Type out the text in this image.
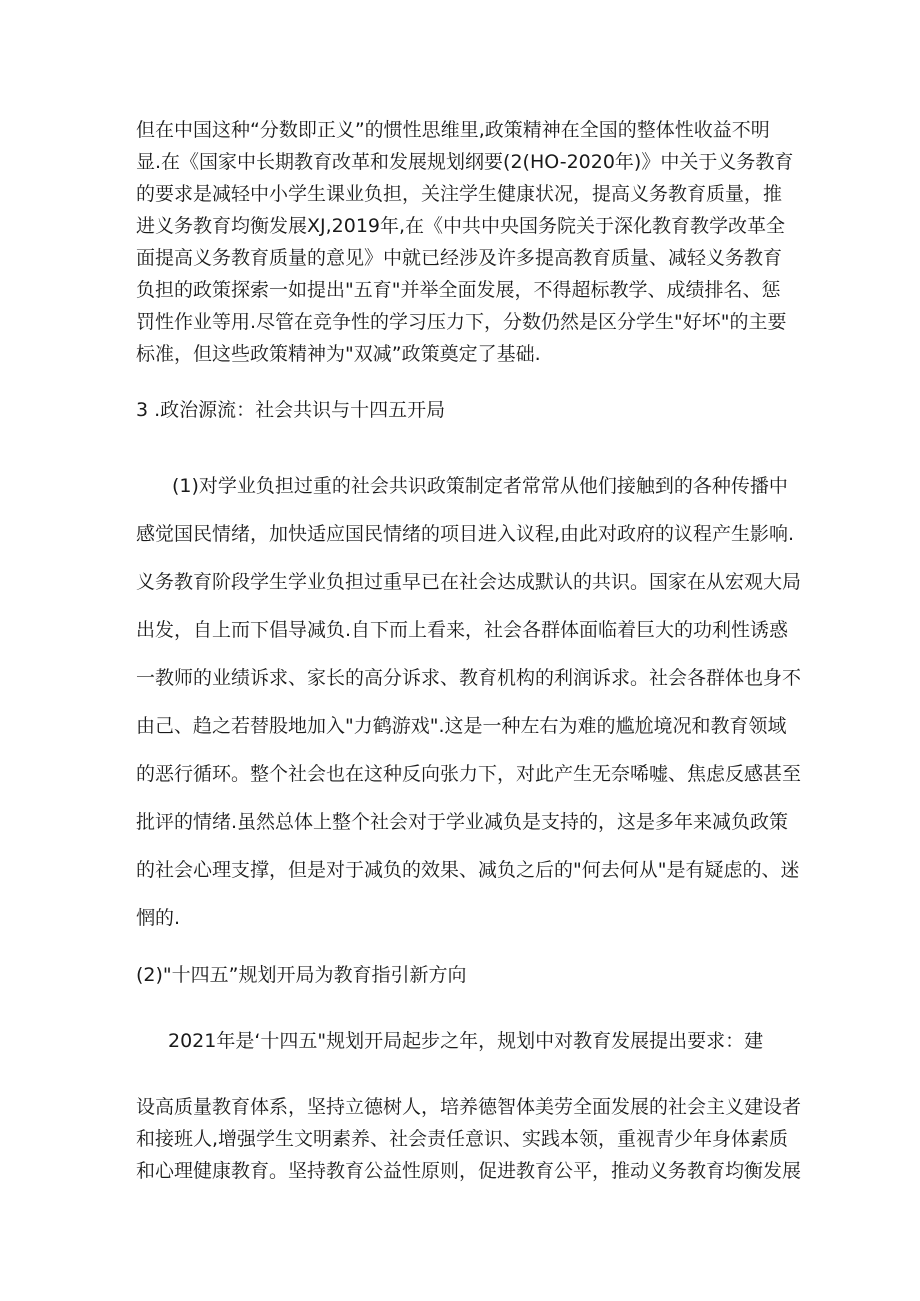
但在中国这种“分数即正义”的惯性思维里,政策精神在全国的整体性收益不明
显.在《国家中长期教育改革和发展规划纲要(2(HO-2020年)》中关于义务教育
的要求是减轻中小学生课业负担，关注学生健康状况，提高义务教育质量，推
进义务教育均衡发展XJ,2019年,在《中共中央国务院关于深化教育教学改革全
面提高义务教育质量的意见》中就已经涉及许多提高教育质量、减轻义务教育
负担的政策探索一如提出"五育"并举全面发展，不得超标教学、成绩排名、惩
罚性作业等用.尽管在竞争性的学习压力下，分数仍然是区分学生"好坏"的主要
标准，但这些政策精神为"双减”政策奠定了基础.
3 .政治源流：社会共识与十四五开局
(1)对学业负担过重的社会共识政策制定者常常从他们接触到的各种传播中
感觉国民情绪，加快适应国民情绪的项目进入议程,由此对政府的议程产生影响.
义务教育阶段学生学业负担过重早已在社会达成默认的共识。国家在从宏观大局
出发，自上而下倡导减负.自下而上看来，社会各群体面临着巨大的功利性诱惑
一教师的业绩诉求、家长的高分诉求、教育机构的利润诉求。社会各群体也身不
由己、趋之若替股地加入"力鹤游戏".这是一种左右为难的尴尬境况和教育领域
的恶行循环。整个社会也在这种反向张力下，对此产生无奈唏嘘、焦虑反感甚至
批评的情绪.虽然总体上整个社会对于学业减负是支持的，这是多年来减负政策
的社会心理支撑，但是对于减负的效果、减负之后的"何去何从"是有疑虑的、迷
惘的.
(2)"十四五”规划开局为教育指引新方向
2021年是‘十四五"规划开局起步之年，规划中对教育发展提出要求：建
设高质量教育体系，坚持立德树人，培养德智体美劳全面发展的社会主义建设者
和接班人,增强学生文明素养、社会责任意识、实践本领，重视青少年身体素质
和心理健康教育。坚持教育公益性原则，促进教育公平，推动义务教育均衡发展
